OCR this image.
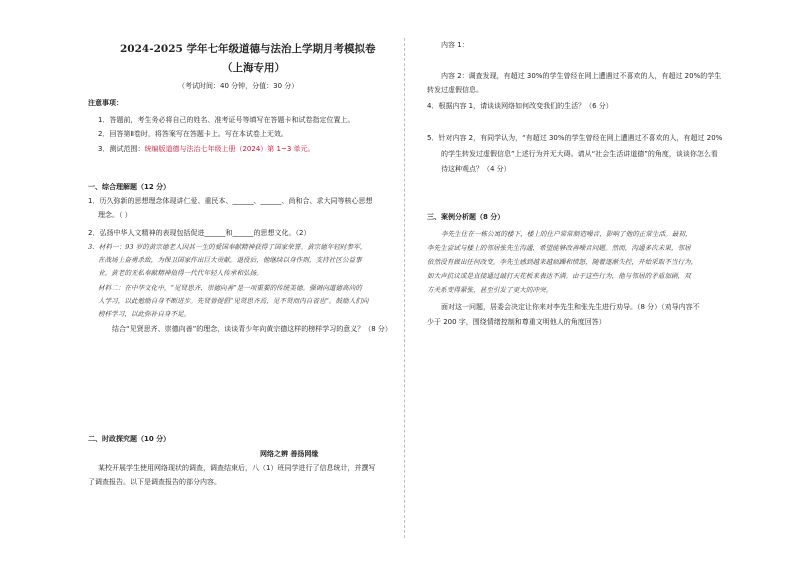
2024-2025 学年七年级道德与法治上学期月考模拟卷
（上海专用）
（考试时间：40 分钟，分值：30 分）
注意事项：
1．答题前，考生务必将自己的姓名、准考证号等填写在答题卡和试卷指定位置上。
2．回答第Ⅱ卷时，将答案写在答题卡上。写在本试卷上无效。
3．测试范围：统编版道德与法治七年级上册（2024）第 1~3 单元。
一、综合理解题（12 分）
1．历久弥新的思想理念体现讲仁爱、重民本、______、______、尚和合、求大同等核心思想
理念。（ ）
2．弘扬中华人文精神的表现包括促进______和______的思想文化。（2）
3．材料一：93 岁的黄宗德老人因其一生的爱国奉献精神获得了国家荣誉。黄宗德年轻时参军，
在战场上奋勇杀敌，为保卫国家作出巨大贡献。退役后，他继续以身作则，支持社区公益事
业。黄老的无私奉献精神值得一代代年轻人传承和弘扬。
材料二：在中华文化中，“见贤思齐、崇德向善”是一项重要的传统美德。强调向道德高尚的
人学习，以此勉励自身不断进步。先贤曾提倡“见贤思齐焉，见不贤而内自省也”。鼓励人们向
榜样学习，以此弥补自身不足。
结合“见贤思齐、崇德向善”的理念，谈谈青少年向黄宗德这样的榜样学习的意义？（8 分）
二、时政探究题（10 分）
网络之辨 善扬网缘
某校开展学生使用网络现状的调查，调查结束后，八（1）班同学进行了信息统计，并撰写
了调查报告。以下是调查报告的部分内容。
内容 1：
内容 2：调查发现，有超过 30%的学生曾经在网上遭遇过不喜欢的人，有超过 20%的学生
转发过虚假信息。
4．根据内容 1，请谈谈网络如何改变我们的生活？（6 分）
5．针对内容 2，有同学认为，“有超过 30%的学生曾经在网上遭遇过不喜欢的人，有超过 20%
的学生转发过虚假信息”上述行为并无大碍。请从“社会生活讲道德”的角度，谈谈你怎么看
待这种观点？（4 分）
三、案例分析题（8 分）
李先生住在一栋公寓的楼下，楼上的住户常常制造噪音，影响了他的正常生活。最初，
李先生尝试与楼上的邻居张先生沟通，希望能够改善噪音问题。然而，沟通多次未果，邻居
依然没有做出任何改变。李先生感到越来越烦躁和愤怒，随着逐渐失控，开始采取不当行为，
如大声抗议或是直接通过敲打天花板来表达不满。由于这些行为，他与邻居的矛盾加剧，双
方关系变得紧张，甚至引发了更大的冲突。
面对这一问题，居委会决定让你来对李先生和张先生进行劝导。（8 分）（劝导内容不
少于 200 字，围绕情绪控制和尊重文明他人的角度回答）
